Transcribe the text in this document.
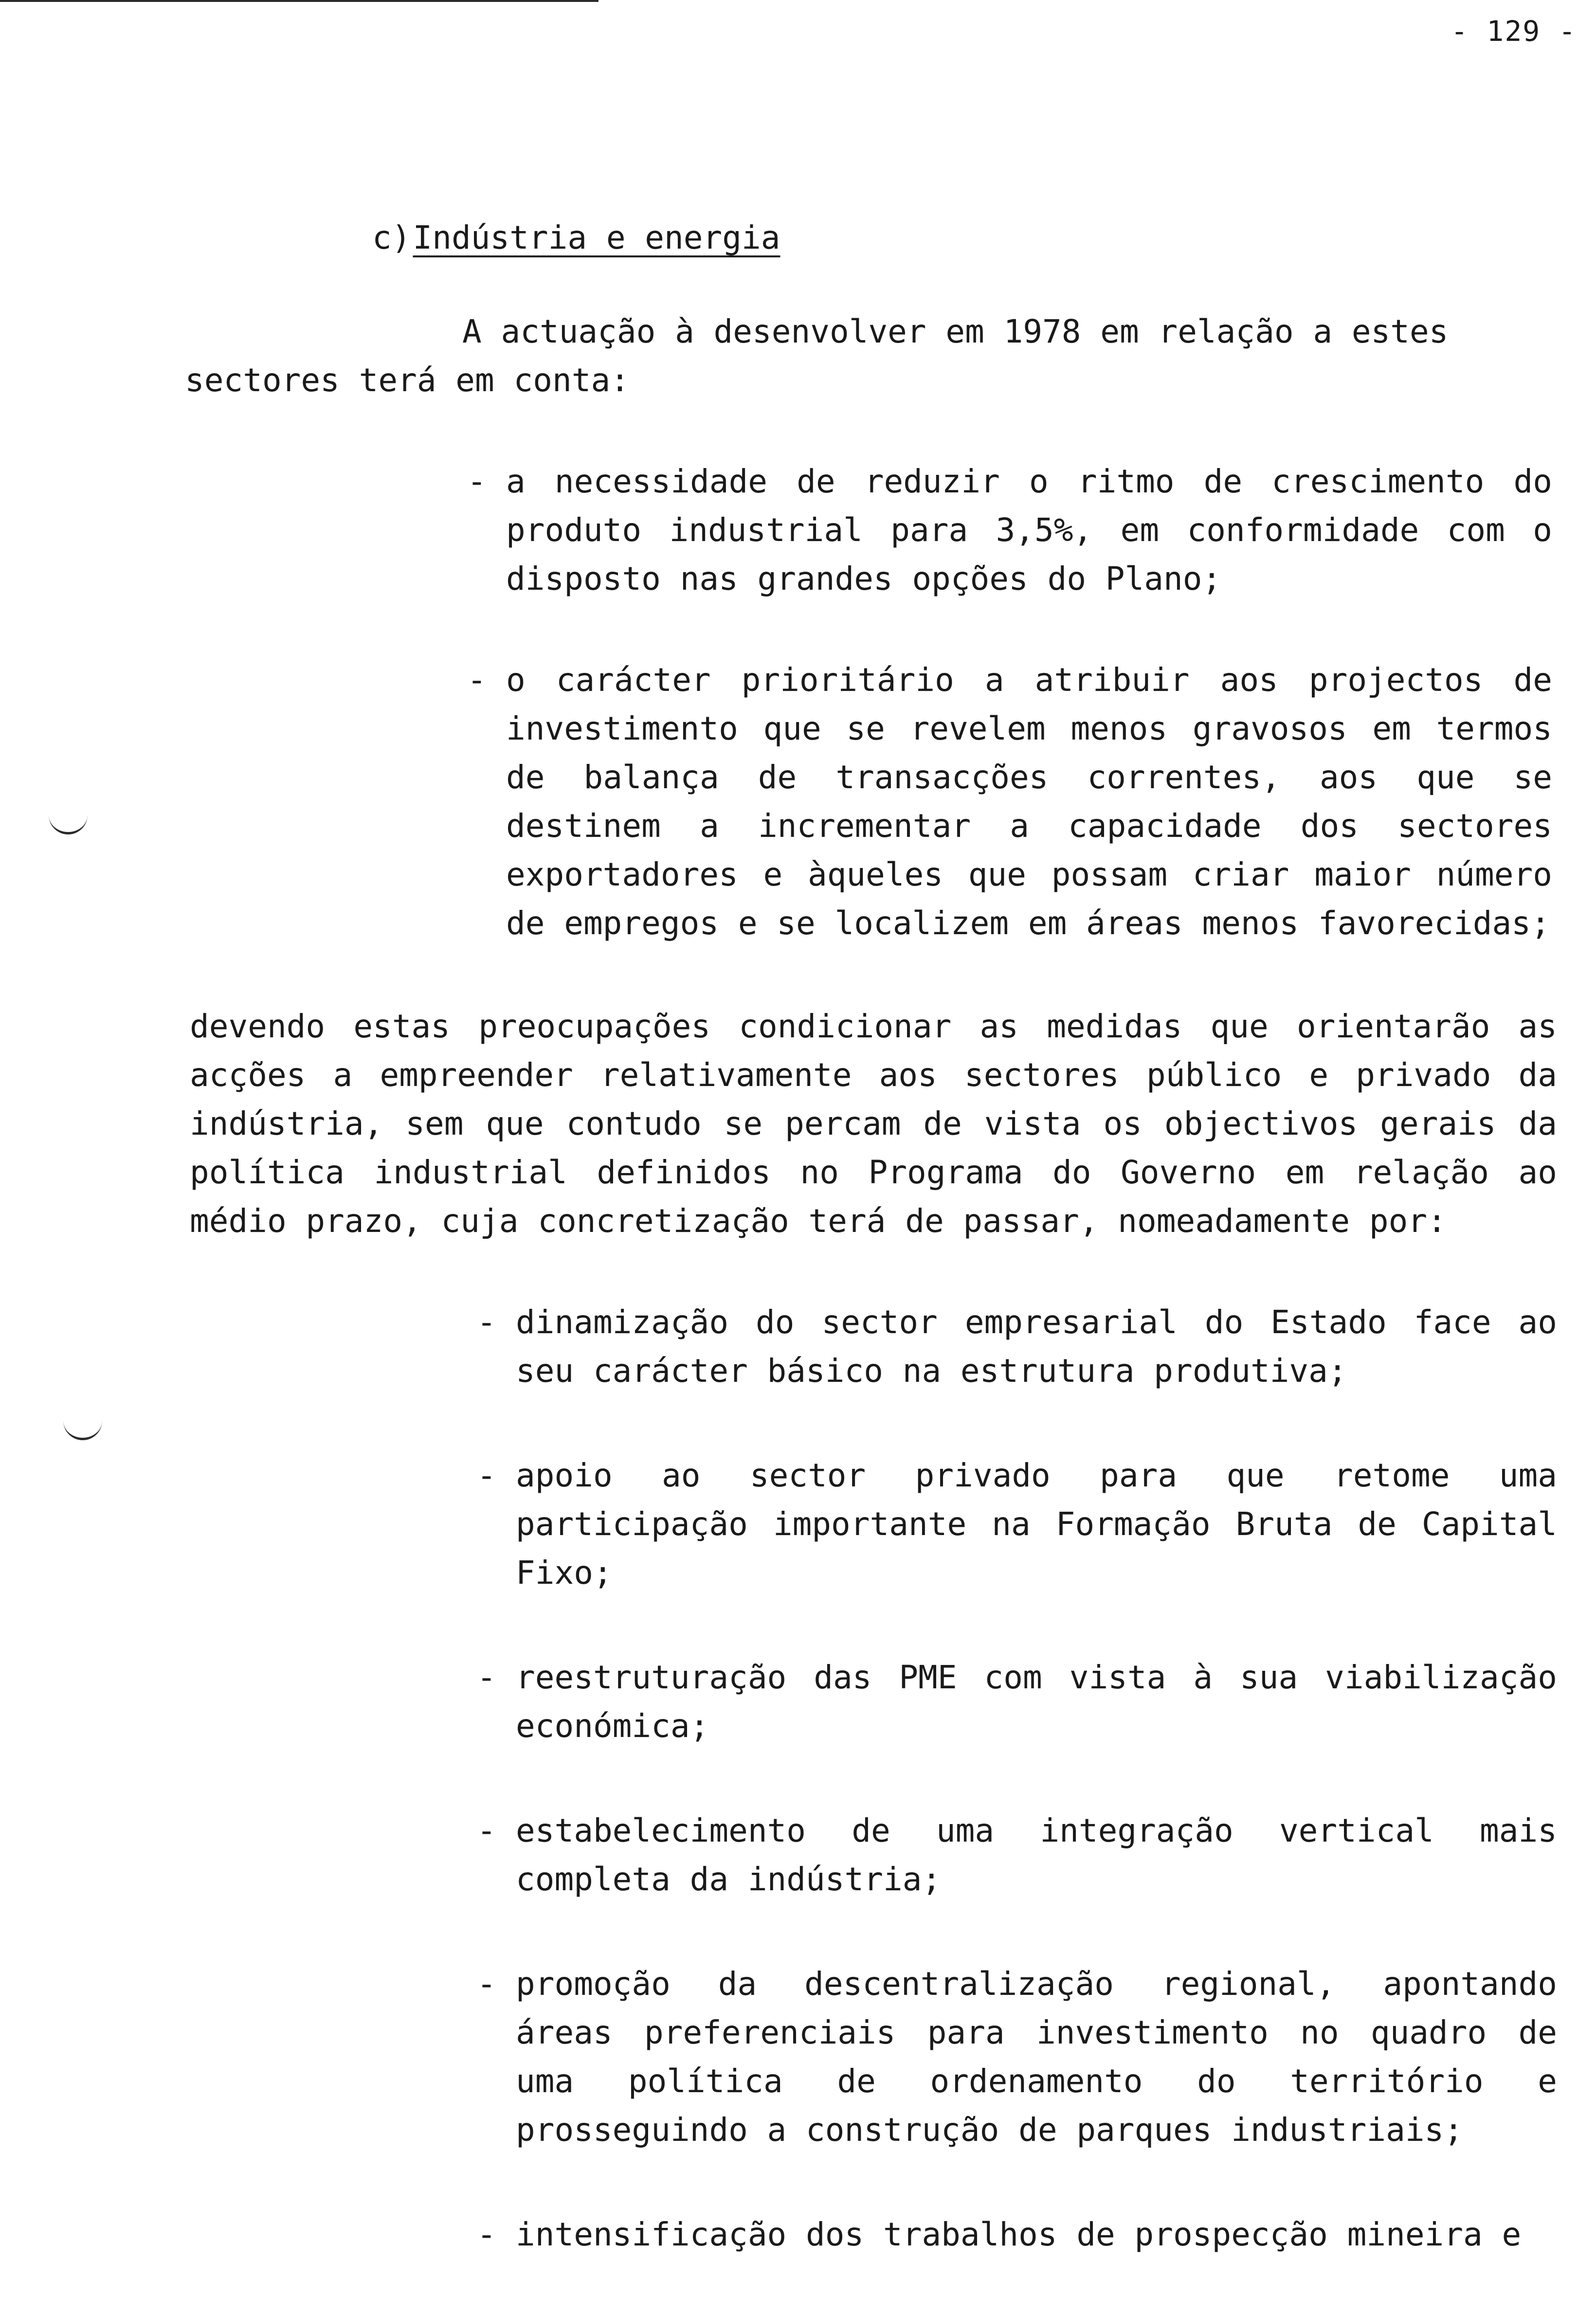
- 129 -
c)Indústria e energia

A actuação à desenvolver em 1978 em relação a estes sectores terá em conta:

- a necessidade de reduzir o ritmo de crescimento do produto industrial para 3,5%, em conformidade com o disposto nas grandes opções do Plano;
- o carácter prioritário a atribuir aos projectos de investimento que se revelem menos gravosos em termos de balança de transacções correntes, aos que se destinem a incrementar a capacidade dos sectores exportadores e àqueles que possam criar maior número de empregos e se localizem em áreas menos favorecidas;

devendo estas preocupações condicionar as medidas que orientarão as acções a empreender relativamente aos sectores público e privado da indústria, sem que contudo se percam de vista os objectivos gerais da política industrial definidos no Programa do Governo em relação ao médio prazo, cuja concretização terá de passar, nomeadamente por:

- dinamização do sector empresarial do Estado face ao seu carácter básico na estrutura produtiva;
- apoio ao sector privado para que retome uma participação importante na Formação Bruta de Capital Fixo;
- reestruturação das PME com vista à sua viabilização económica;
- estabelecimento de uma integração vertical mais completa da indústria;
- promoção da descentralização regional, apontando áreas preferenciais para investimento no quadro de uma política de ordenamento do território e prosseguindo a construção de parques industriais;
- intensificação dos trabalhos de prospecção mineira e
